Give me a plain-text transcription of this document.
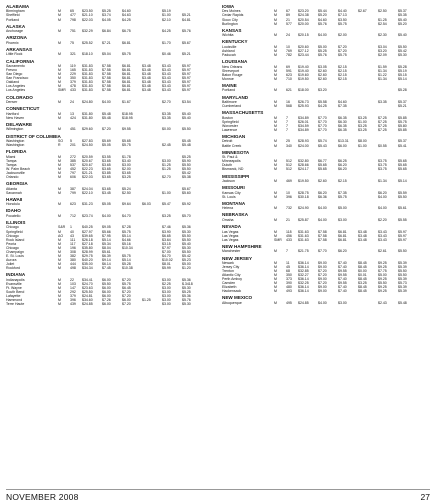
ALABAMA
Birmingham	M	65	$23.50	$5.25	$4.60	$5.19
Sheffield	M	477	$21.10	$3.74	$4.63	$1.00	$5.21
Portland	M	798	$22.03	$4.05	$4.25	$2.10	$4.81
ALASKA
Anchorage	M	751	$32.29	$6.84	$6.75	$4.25	$5.76
ARIZONA
Phoenix	M	75	$25.52	$7.21	$6.81	$1.70	$5.67
ARKANSAS
Little Rock	M	321	$18.10	$5.04	$5.75	$0.46	$5.21
CALIFORNIA
Sacramento	M	119	$31.83	$7.58	$6.81	$3.48	$3.43	$5.97
Fresno	M	165	$31.83	$7.58	$6.81	$3.48	$3.43	$5.97
San Diego	M	229	$31.83	$7.58	$6.81	$3.48	$3.43	$5.97
San Francisco	M	350	$31.83	$7.58	$6.81	$3.48	$3.43	$5.97
Oakland	M	379	$31.83	$7.58	$6.81	$3.48	$3.43	$5.97
Los Angeles	M	478	$31.83	$7.58	$6.81	$3.48	$3.43	$5.97
Los Angeles	SMR	433	$31.83	$7.58	$6.81	$3.48	$3.43	$5.97
COLORADO
Denver	M	24	$24.80	$4.00	$1.67	$2.70	$3.54
CONNECTICUT
Hartford	M	13	$31.80	$5.48	$18.95	$3.35	$5.40
New Haven	M	424	$31.80	$5.48	$18.95	$3.35	$5.40
DELAWARE
Wilmington	M	451	$29.60	$7.20	$9.55	$0.00	$5.50
DISTRICT OF COLUMBIA
Washington	SO	5	$27.83	$5.69	$5.65	$5.45
Washington	R	201	$24.50	$5.05	$5.75	$2.45	$5.48
FLORIDA
Miami	M	272	$20.59	$3.55	$1.78	$5.25
Tampa	M	385	$20.67	$3.65	$3.40	$3.00	$5.90
Tampa	M	537	$20.67	$3.65	$3.00	$1.25	$5.50
W. Palm Beach	M	452	$22.23	$3.65	$2.00	$1.25	$5.50
Jacksonville	M	797	$21.21	$3.85	$3.65	$5.42
Orlando	M	606	$22.03	$3.65	$3.25	$2.70	$5.38
GEORGIA
Atlanta	M	387	$24.04	$3.65	$5.24	$5.67
Savannah	M	799	$22.10	$3.45	$2.50	$1.00	$5.60
HAWAII
Honolulu	M	623	$31.23	$5.05	$9.64	$6.03	$5.47	$5.92
IDAHO
Pocatello	M	712	$23.74	$4.00	$4.70	$3.25	$5.70
ILLINOIS
Chicago	S&R	1	$40.25	$9.05	$7.28	$7.46	$5.36
Springfield	M	40	$27.97	$5.66	$5.75	$3.90	$5.30
Chicago	AO	43	$39.65	$7.95	$5.14	$6.65	$5.50
Rock Island	M	111	$26.18	$5.14	$4.66	$3.64	$5.50
Peoria	M	117	$27.18	$5.34	$5.16	$3.15	$5.40
Chicago	M	196	$35.80	$8.04	$10.34	$7.97	$5.30
Champaign	M	308	$28.99	$5.61	$7.00	$5.50
E. St. Louis	M	382	$29.75	$6.39	$5.75	$4.70	$5.42
Aurora	M	380	$40.20	$9.14	$5.14	$10.02	$5.23
Joliet	M	444	$35.00	$6.14	$5.28	$8.01	$5.00
Rockford	M	498	$34.34	$7.45	$10.38	$5.99	$1.20
INDIANA
Indianapolis	M	22	$34.41	$6.00	$7.20	$3.00	$5.36
Evansville	M	103	$24.70	$5.50	$5.75	$2.25	$.3418
Ft. Wayne	M	147	$23.63	$6.00	$6.45	$3.00	$5.30
South Bend	M	292	$25.50	$6.00	$7.20	$3.00	$5.25
Lafayette	M	379	$24.81	$6.00	$7.20	$3.00	$5.36
Hammond	M	396	$34.60	$7.26	$6.00	$1.25	$3.00	$5.76
Terre Haute	M	439	$24.85	$6.00	$7.20	$3.00	$5.30
IOWA
Des Moines	M	67	$23.20	$5.44	$4.40	$2.67	$2.50	$5.37
Cedar Rapids	M	89	$24.38	$5.20	$7.13	$5.35
Sioux City	M	21	$20.54	$4.60	$3.50	$1.25	$5.40
Burlington	M	577	$20.00	$5.76	$5.75	$2.54	$5.20
KANSAS
Wichita	M	24	$20.15	$4.00	$2.00	$2.30	$5.40
KENTUCKY
Louisville	M	10	$20.60	$5.00	$7.20	$3.04	$5.50
Ashland	M	769	$27.12	$5.25	$7.20	$3.20	$5.42
Paducah	M	782	$23.44	$5.76	$5.75	$2.09	$5.30
LOUISIANA
New Orleans	M	69	$19.40	$3.05	$2.15	$1.59	$5.28
Shreveport	M	591	$19.40	$2.60	$2.15	$1.34	$5.19
Baton Rouge	M	623	$19.60	$2.60	$2.15	$1.22	$5.15
Monroe	M	710	$19.50	$2.60	$2.15	$1.34	$5.14
MAINE
Portland	M	621	$18.00	$3.20	$5.28
MARYLAND
Baltimore	M	16	$26.73	$5.58	$4.60	$3.35	$5.37
Cumberland	M	568	$25.93	$4.25	$7.35	$5.21
MASSACHUSETTS
Boston	M	7	$34.89	$7.70	$6.35	$3.25	$7.25	$5.85
Springfield	M	7	$26.01	$7.70	$6.30	$1.00	$7.25	$5.75
Worcester	M	7	$34.59	$7.70	$6.35	$3.25	$7.25	$5.80
Lawrence	M	7	$34.89	$7.70	$6.35	$3.25	$7.25	$5.85
MICHIGAN
Detroit	M	25	$28.93	$5.74	$13.31	$8.00	$5.37
Battle Creek	M	340	$24.00	$5.43	$6.00	$1.00	$0.55	$5.41
MINNESOTA
St. Paul &
Minneapolis	M	512	$32.80	$6.77	$6.25	$3.75	$5.65
Duluth	M	512	$28.66	$5.65	$6.20	$3.75	$5.65
Bismarck, ND	M	512	$24.17	$5.65	$6.20	$3.75	$5.65
MISSISSIPPI
Jackson	M	469	$19.50	$2.60	$2.15	$1.34	$5.14
MISSOURI
Kansas City	M	10	$28.75	$6.20	$7.35	$6.20	$5.59
St. Louis	M	396	$30.18	$6.36	$5.75	$4.00	$5.50
MONTANA
Helena	M	732	$24.90	$4.00	$5.00	$4.00	$5.61
NEBRASKA
Omaha	M	21	$25.87	$4.00	$3.00	$2.20	$5.55
NEVADA
Las Vegas	M	118	$31.63	$7.58	$6.81	$3.48	$3.43	$5.97
Las Vegas	M	456	$31.63	$7.58	$6.81	$3.48	$3.43	$5.97
Las Vegas	SMR	433	$31.63	$7.58	$6.81	$3.48	$3.43	$5.97
NEW HAMPSHIRE
Manchester	M	7	$21.75	$7.70	$6.20	$2.61	$5.50
NEW JERSEY
Newark	M	11	$36.14	$9.00	$7.40	$8.45	$9.25	$5.39
Jersey City	M	45	$36.14	$9.00	$7.40	$8.45	$9.25	$5.39
Trenton	M	68	$32.85	$7.20	$9.55	$0.00	$7.75	$5.50
Atlantic City	M	350	$32.27	$7.20	$9.55	$0.01	$5.00	$5.50
Perth Amboy	M	373	$36.14	$9.00	$7.40	$8.45	$9.25	$5.39
Camden	M	390	$32.25	$7.20	$9.55	$3.25	$5.50	$5.73
Elizabeth	M	480	$36.14	$9.00	$7.40	$8.45	$9.25	$5.39
Hackensack	M	493	$36.14	$9.00	$7.40	$8.45	$9.25	$5.39
NEW MEXICO
Albuquerque	M	495	$24.85	$4.00	$3.00	$2.43	$5.48
NOVEMBER 2008	27
